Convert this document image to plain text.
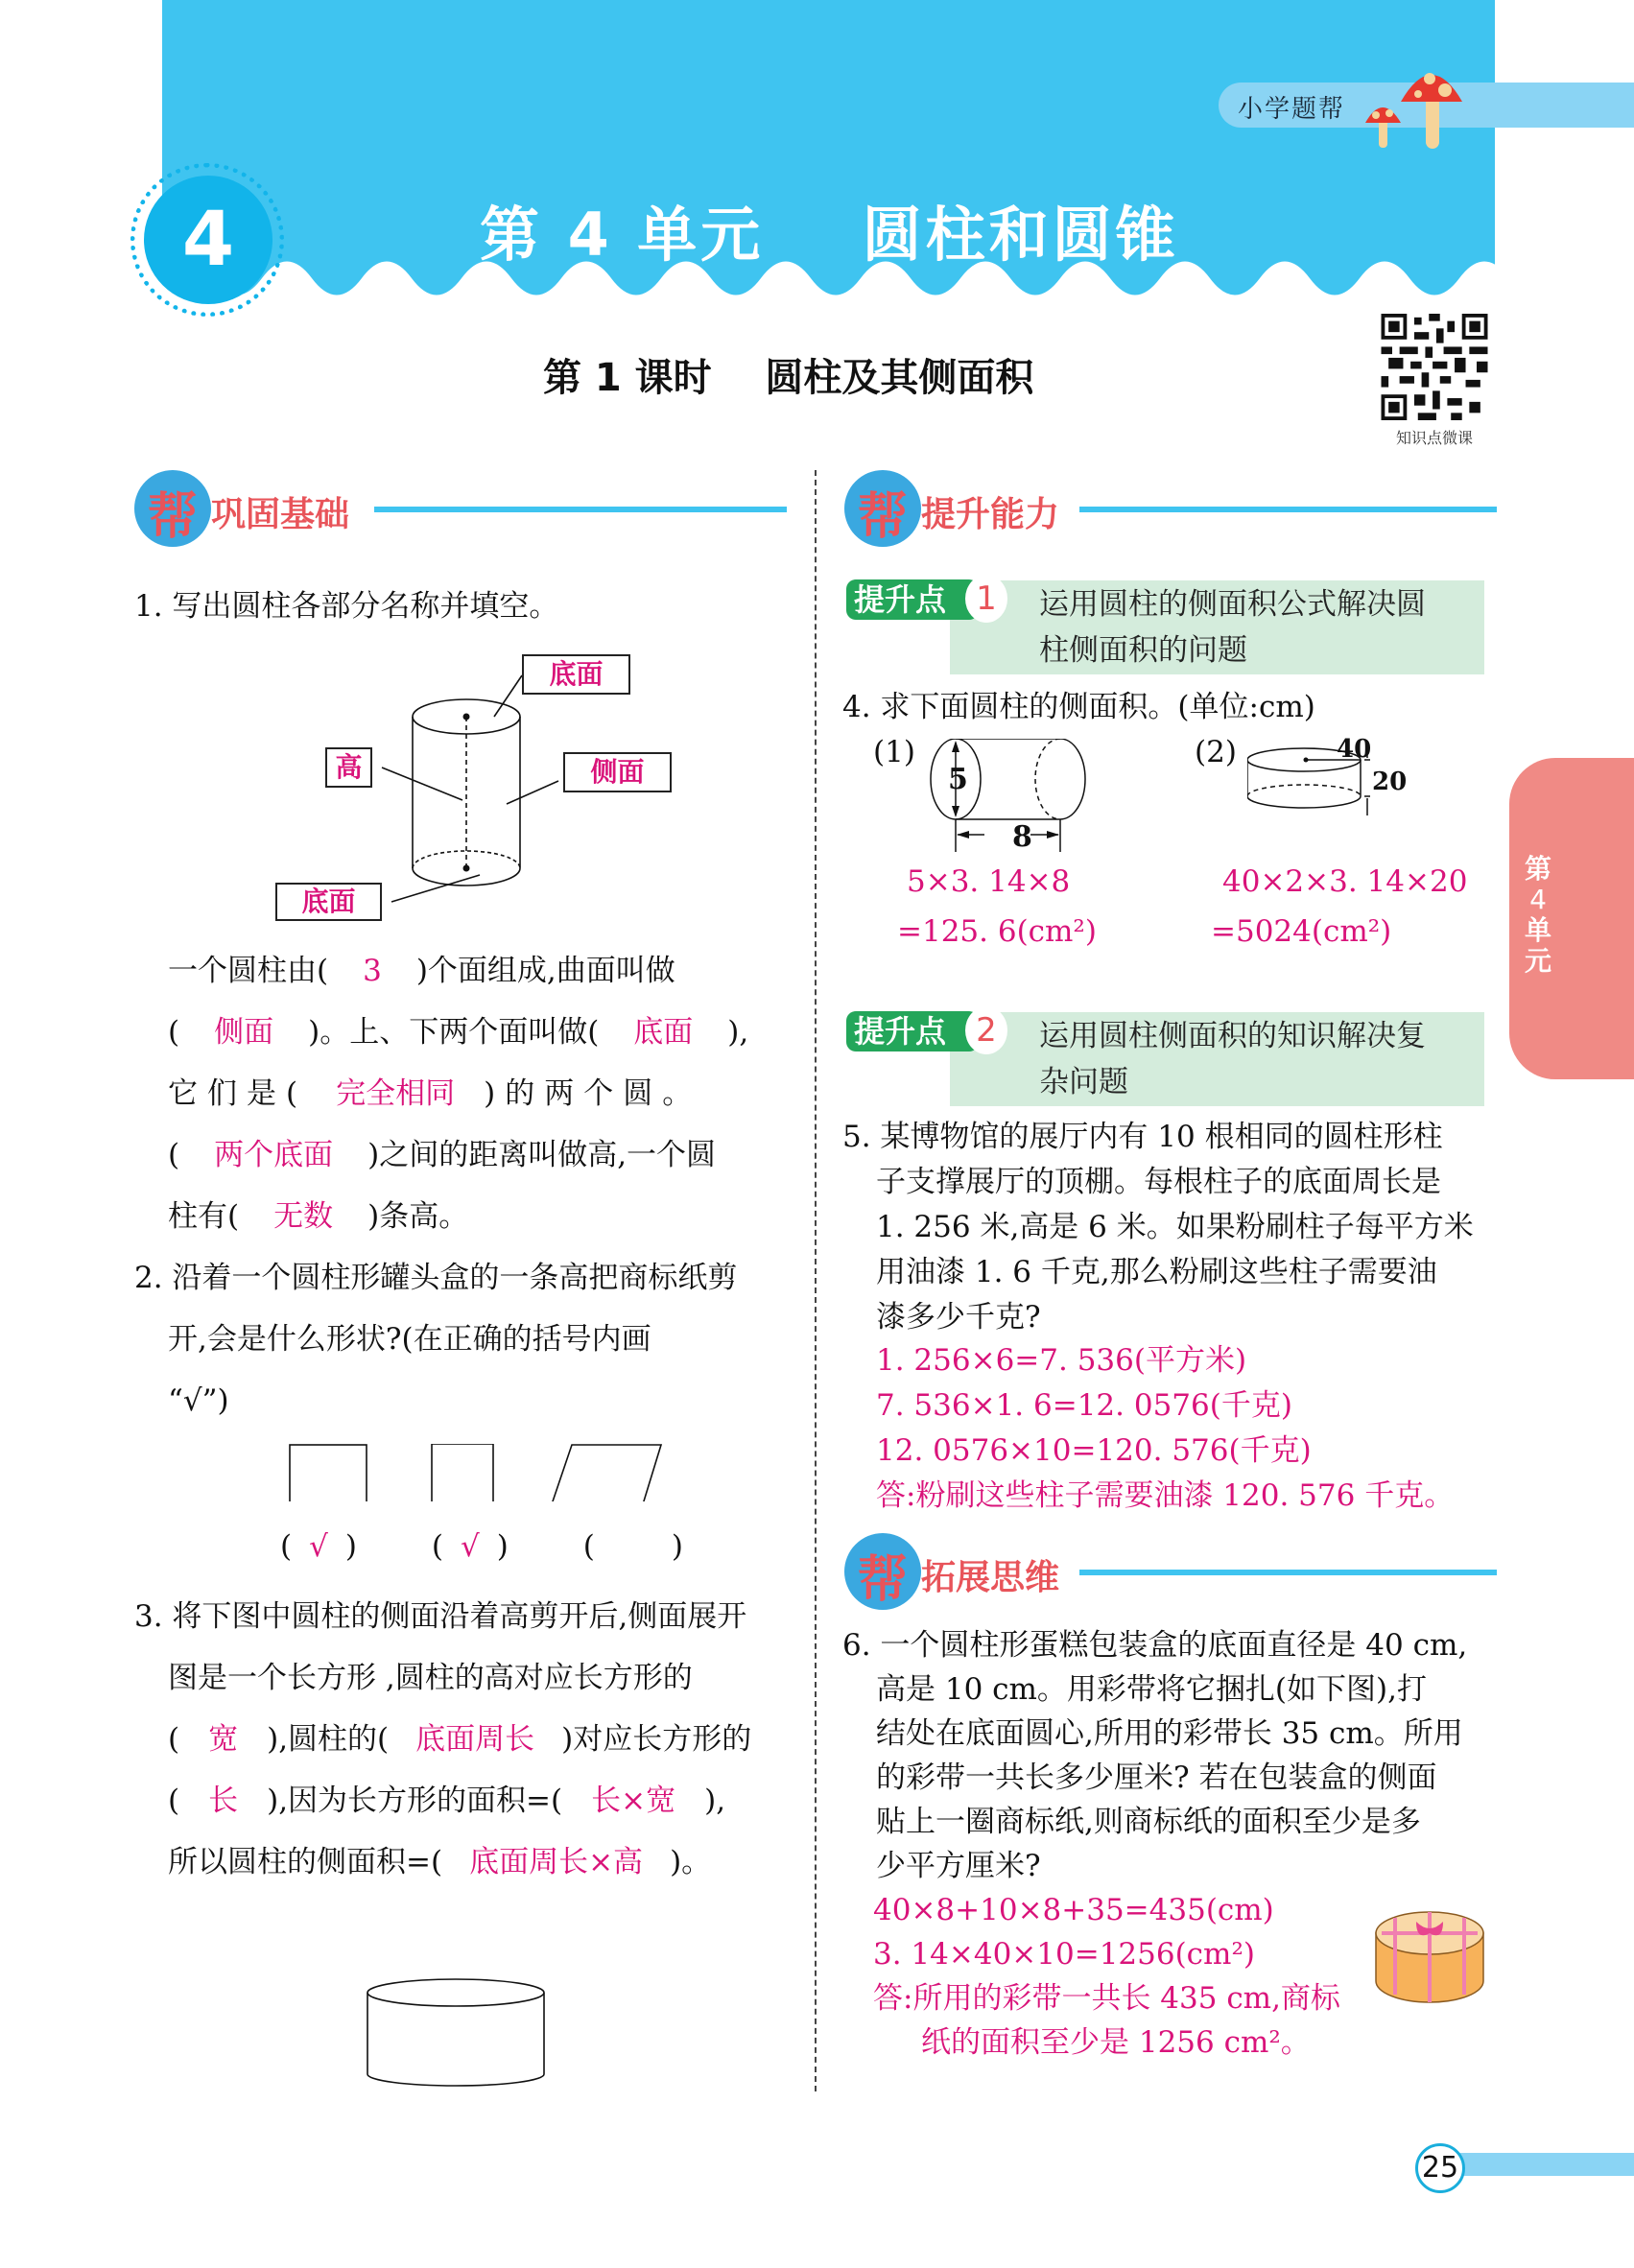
小学题帮
4	第 4 单元    圆柱和圆锥
第 1 课时    圆柱及其侧面积
知识点微课
帮 巩固基础
1. 写出圆柱各部分名称并填空。
底面
高	侧面
底面
一个圆柱由( 3 )个面组成,曲面叫做
( 侧面 )。上、下两个面叫做( 底面 ),
它们是( 完全相同 )的两个圆。
( 两个底面 )之间的距离叫做高,一个圆
柱有( 无数 )条高。
2. 沿着一个圆柱形罐头盒的一条高把商标纸剪
开,会是什么形状?(在正确的括号内画
“√”)
( √ )	( √ )	(	)
3. 将下图中圆柱的侧面沿着高剪开后,侧面展开
图是一个长方形 ,圆柱的高对应长方形的
( 宽 ),圆柱的( 底面周长 )对应长方形的
( 长 ),因为长方形的面积=( 长×宽 ),
所以圆柱的侧面积=( 底面周长×高 )。
帮 提升能力
提升点 1	运用圆柱的侧面积公式解决圆
柱侧面积的问题
4. 求下面圆柱的侧面积。(单位:cm)
(1)
5
8
(2)	40
20
5×3. 14×8
=125. 6(cm²)
40×2×3. 14×20
=5024(cm²)
提升点 2	运用圆柱侧面积的知识解决复
杂问题
5. 某博物馆的展厅内有 10 根相同的圆柱形柱
子支撑展厅的顶棚。每根柱子的底面周长是
1. 256 米,高是 6 米。如果粉刷柱子每平方米
用油漆 1. 6 千克,那么粉刷这些柱子需要油
漆多少千克?
1. 256×6=7. 536(平方米)
7. 536×1. 6=12. 0576(千克)
12. 0576×10=120. 576(千克)
答:粉刷这些柱子需要油漆 120. 576 千克。
帮 拓展思维
6. 一个圆柱形蛋糕包装盒的底面直径是 40 cm,
高是 10 cm。用彩带将它捆扎(如下图),打
结处在底面圆心,所用的彩带长 35 cm。所用
的彩带一共长多少厘米? 若在包装盒的侧面
贴上一圈商标纸,则商标纸的面积至少是多
少平方厘米?
40×8+10×8+35=435(cm)
3. 14×40×10=1256(cm²)
答:所用的彩带一共长 435 cm,商标
纸的面积至少是 1256 cm²。
第
4
单
元
25
